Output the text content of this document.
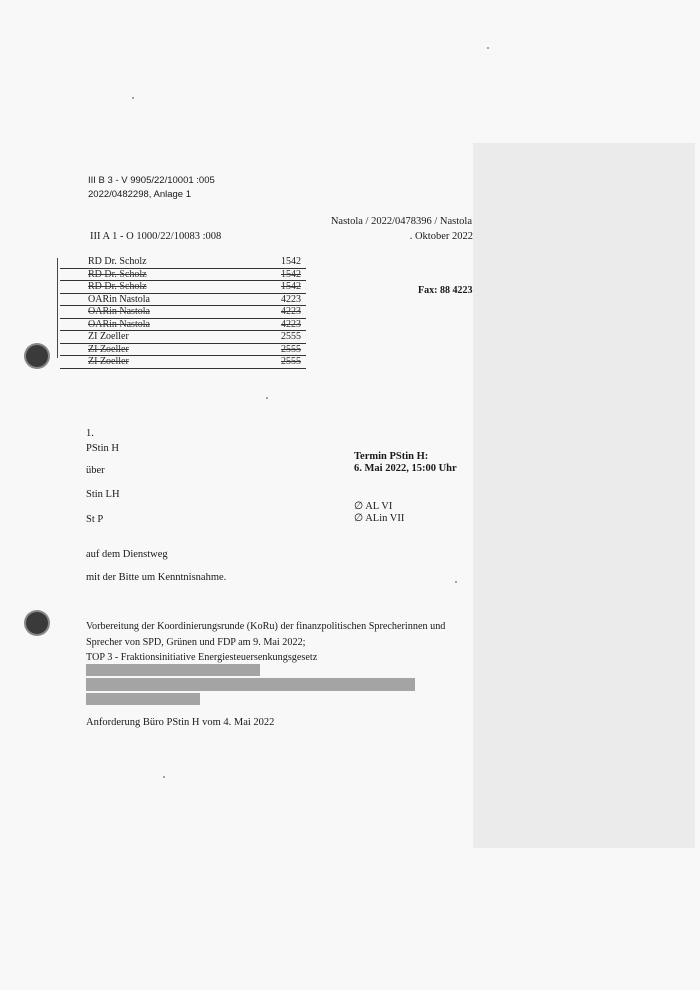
III B 3 - V 9905/22/10001 :005
2022/0482298, Anlage 1
III A 1 - O 1000/22/10083 :008
Nastola / 2022/0478396 / Nastola
. Oktober 2022
Fax: 88 4223
RD Dr. Scholz	1542
RD Dr. Scholz	1542
RD Dr. Scholz	1542
OARin Nastola	4223
OARin Nastola	4223
OARin Nastola	4223
ZI Zoeller	2555
ZI Zoeller	2555
ZI Zoeller	2555
1.
PStin H
über
Stin LH
St P
auf dem Dienstweg
mit der Bitte um Kenntnisnahme.
Termin PStin H:
6. Mai 2022, 15:00 Uhr
∅ AL VI
∅ ALin VII
Vorbereitung der Koordinierungsrunde (KoRu) der finanzpolitischen Sprecherinnen und
Sprecher von SPD, Grünen und FDP am 9. Mai 2022;
TOP 3 - Fraktionsinitiative Energiesteuersenkungsgesetz
Anforderung Büro PStin H vom 4. Mai 2022
